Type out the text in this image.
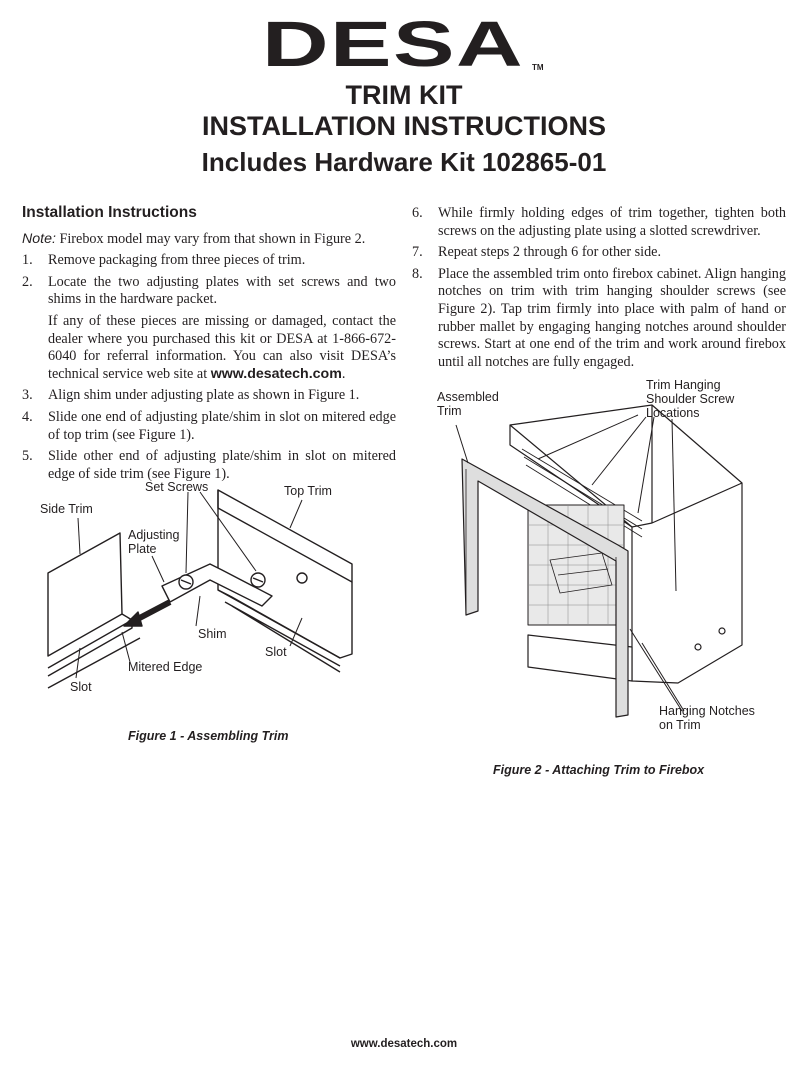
DESA TM
TRIM KIT
INSTALLATION INSTRUCTIONS
Includes Hardware Kit 102865-01
Installation Instructions

Note: Firebox model may vary from that shown in Figure 2.

1. Remove packaging from three pieces of trim.
2. Locate the two adjusting plates with set screws and two shims in the hardware packet.

If any of these pieces are missing or damaged, contact the dealer where you purchased this kit or DESA at 1-866-672-6040 for referral information. You can also visit DESA’s technical service web site at www.desatech.com.

3. Align shim under adjusting plate as shown in Figure 1.
4. Slide one end of adjusting plate/shim in slot on mitered edge of top trim (see Figure 1).
5. Slide other end of adjusting plate/shim in slot on mitered edge of side trim (see Figure 1).
6. While firmly holding edges of trim together, tighten both screws on the adjusting plate using a slotted screwdriver.
7. Repeat steps 2 through 6 for other side.
8. Place the assembled trim onto firebox cabinet. Align hanging notches on trim with trim hanging shoulder screws (see Figure 2). Tap trim firmly into place with palm of hand or rubber mallet by engaging hanging notches around shoulder screws. Start at one end of the trim and work around firebox until all notches are fully engaged.
Set Screws	Top Trim
Side Trim
Adjusting
Plate
Shim
Slot
Mitered Edge
Slot
Figure 1 - Assembling Trim
Assembled
Trim
Trim Hanging
Shoulder Screw
Locations
Hanging Notches
on Trim
Figure 2 - Attaching Trim to Firebox
www.desatech.com
